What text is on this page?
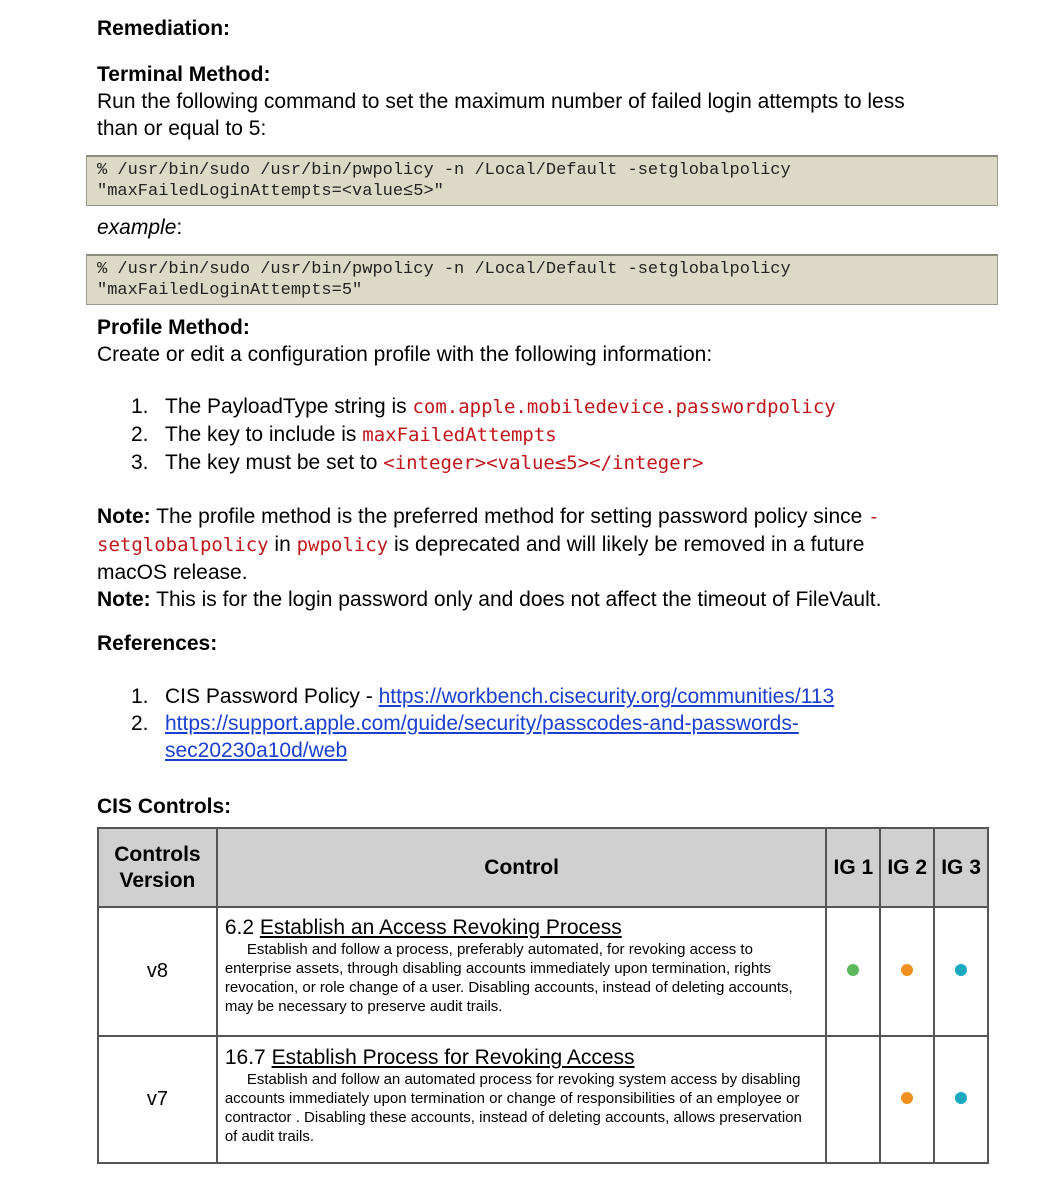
Remediation:
Terminal Method:
Run the following command to set the maximum number of failed login attempts to less
than or equal to 5:
% /usr/bin/sudo /usr/bin/pwpolicy -n /Local/Default -setglobalpolicy
"maxFailedLoginAttempts=<value≤5>"
example:
% /usr/bin/sudo /usr/bin/pwpolicy -n /Local/Default -setglobalpolicy
"maxFailedLoginAttempts=5"
Profile Method:
Create or edit a configuration profile with the following information:
1. The PayloadType string is com.apple.mobiledevice.passwordpolicy
2. The key to include is maxFailedAttempts
3. The key must be set to <integer><value≤5></integer>
Note: The profile method is the preferred method for setting password policy since -
setglobalpolicy in pwpolicy is deprecated and will likely be removed in a future
macOS release.
Note: This is for the login password only and does not affect the timeout of FileVault.
References:
1. CIS Password Policy - https://workbench.cisecurity.org/communities/113
2. https://support.apple.com/guide/security/passcodes-and-passwords-
sec20230a10d/web
CIS Controls:
Controls
Version	Control	IG 1	IG 2	IG 3
v8	6.2 Establish an Access Revoking Process
Establish and follow a process, preferably automated, for revoking access to enterprise assets, through disabling accounts immediately upon termination, rights revocation, or role change of a user. Disabling accounts, instead of deleting accounts, may be necessary to preserve audit trails.			

v7	16.7 Establish Process for Revoking Access
Establish and follow an automated process for revoking system access by disabling accounts immediately upon termination or change of responsibilities of an employee or contractor . Disabling these accounts, instead of deleting accounts, allows preservation of audit trails.			
